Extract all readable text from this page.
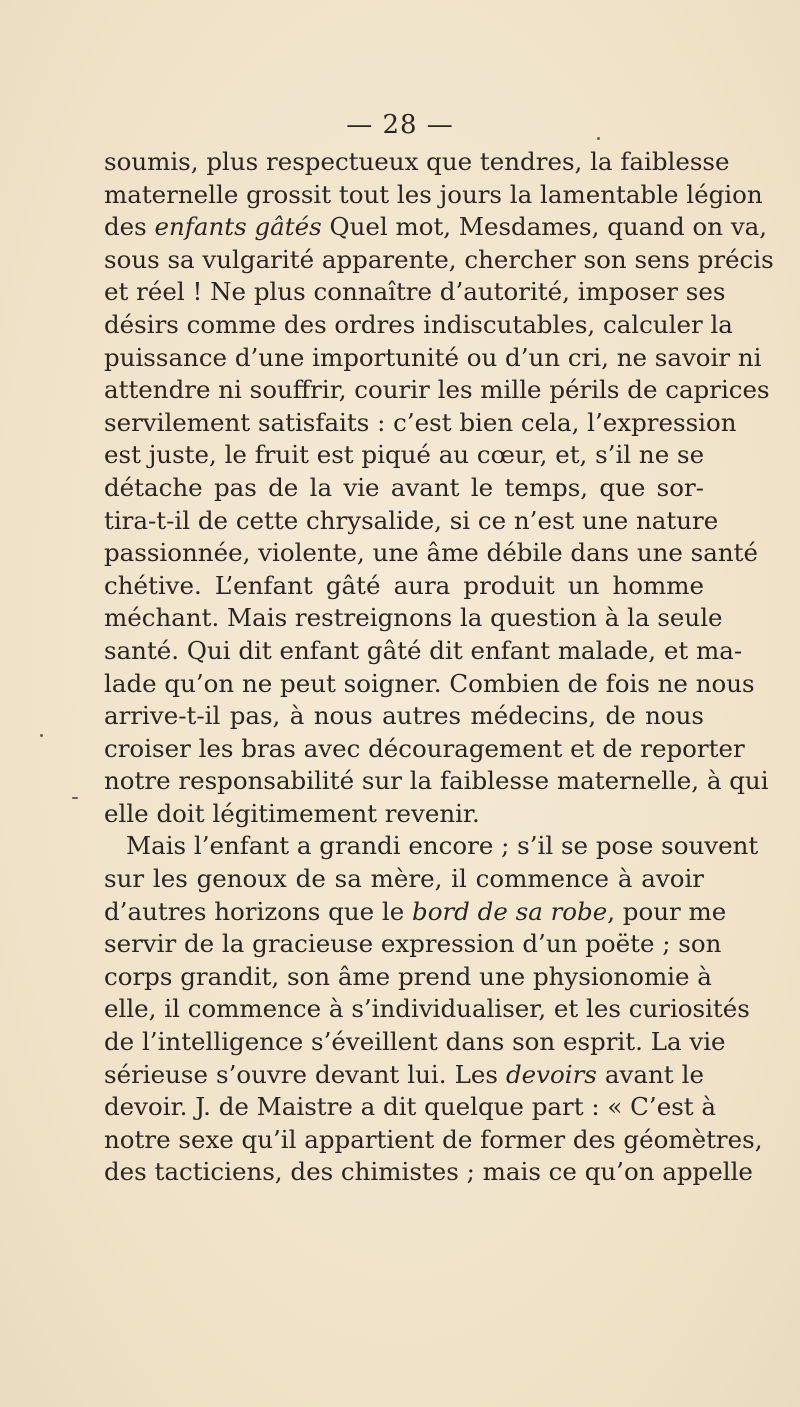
— 28 —
soumis, plus respectueux que tendres, la faiblesse
maternelle grossit tout les jours la lamentable légion
des enfants gâtés Quel mot, Mesdames, quand on va,
sous sa vulgarité apparente, chercher son sens précis
et réel ! Ne plus connaître d’autorité, imposer ses
désirs comme des ordres indiscutables, calculer la
puissance d’une importunité ou d’un cri, ne savoir ni
attendre ni souffrir, courir les mille périls de caprices
servilement satisfaits : c’est bien cela, l’expression
est juste, le fruit est piqué au cœur, et, s’il ne se
détache pas de la vie avant le temps, que sor-
tira-t-il de cette chrysalide, si ce n’est une nature
passionnée, violente, une âme débile dans une santé
chétive. L’enfant gâté aura produit un homme
méchant. Mais restreignons la question à la seule
santé. Qui dit enfant gâté dit enfant malade, et ma-
lade qu’on ne peut soigner. Combien de fois ne nous
arrive-t-il pas, à nous autres médecins, de nous
croiser les bras avec découragement et de reporter
notre responsabilité sur la faiblesse maternelle, à qui
elle doit légitimement revenir.
Mais l’enfant a grandi encore ; s’il se pose souvent
sur les genoux de sa mère, il commence à avoir
d’autres horizons que le bord de sa robe, pour me
servir de la gracieuse expression d’un poëte ; son
corps grandit, son âme prend une physionomie à
elle, il commence à s’individualiser, et les curiosités
de l’intelligence s’éveillent dans son esprit. La vie
sérieuse s’ouvre devant lui. Les devoirs avant le
devoir. J. de Maistre a dit quelque part : « C’est à
notre sexe qu’il appartient de former des géomètres,
des tacticiens, des chimistes ; mais ce qu’on appelle
